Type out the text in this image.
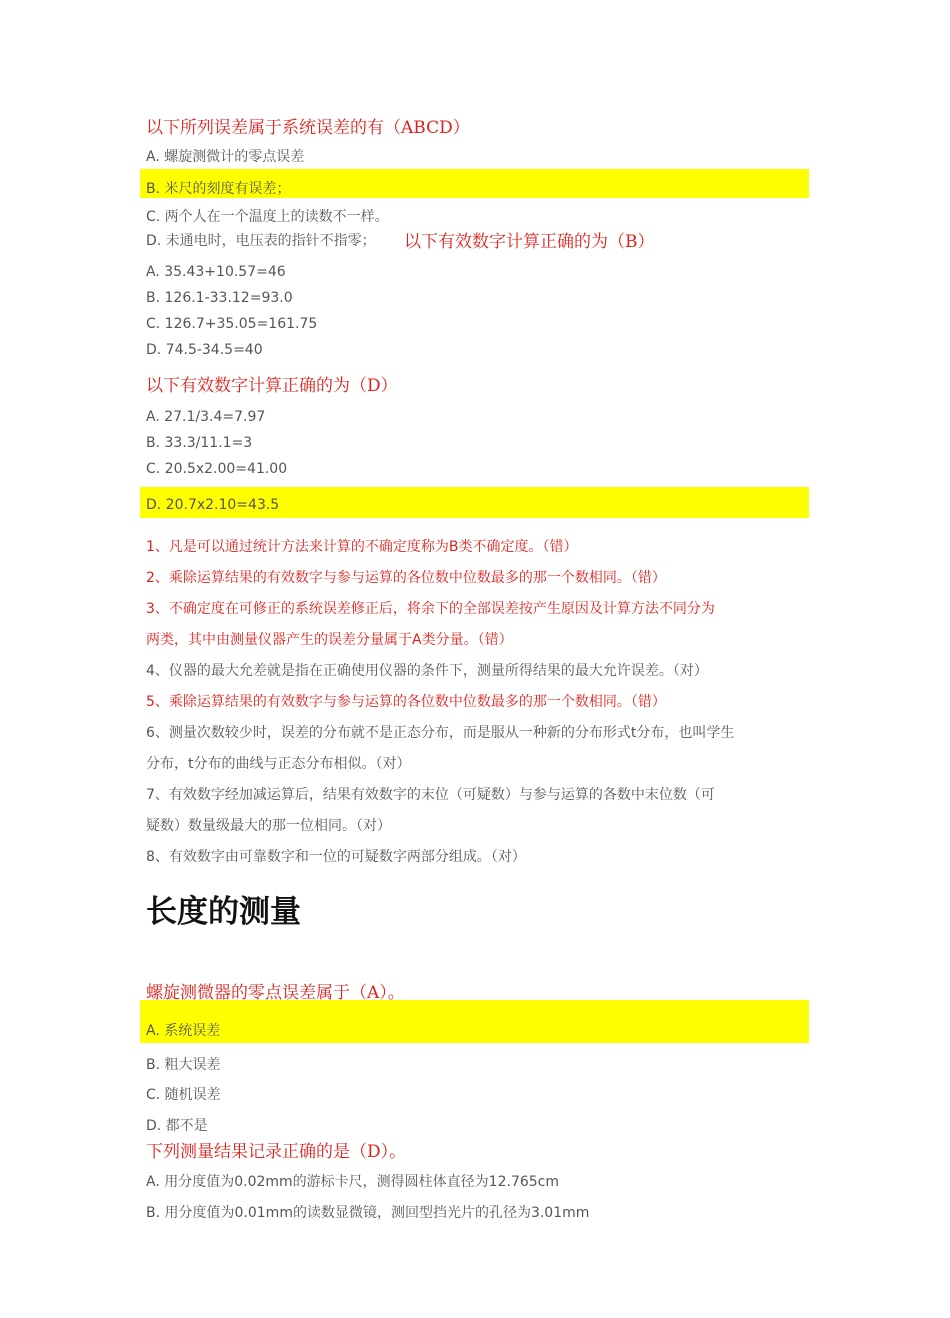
以下所列误差属于系统误差的有（ABCD）
A. 螺旋测微计的零点误差
B. 米尺的刻度有误差；
C. 两个人在一个温度上的读数不一样。
D. 未通电时，电压表的指针不指零； 以下有效数字计算正确的为（B）
A. 35.43+10.57=46
B. 126.1-33.12=93.0
C. 126.7+35.05=161.75
D. 74.5-34.5=40
以下有效数字计算正确的为（D）
A. 27.1/3.4=7.97
B. 33.3/11.1=3
C. 20.5x2.00=41.00
D. 20.7x2.10=43.5
1、凡是可以通过统计方法来计算的不确定度称为B类不确定度。（错）
2、乘除运算结果的有效数字与参与运算的各位数中位数最多的那一个数相同。（错）
3、不确定度在可修正的系统误差修正后，将余下的全部误差按产生原因及计算方法不同分为
两类，其中由测量仪器产生的误差分量属于A类分量。（错）
4、仪器的最大允差就是指在正确使用仪器的条件下，测量所得结果的最大允许误差。（对）
5、乘除运算结果的有效数字与参与运算的各位数中位数最多的那一个数相同。（错）
6、测量次数较少时，误差的分布就不是正态分布，而是服从一种新的分布形式t分布，也叫学生
分布，t分布的曲线与正态分布相似。（对）
7、有效数字经加减运算后，结果有效数字的末位（可疑数）与参与运算的各数中末位数（可
疑数）数量级最大的那一位相同。（对）
8、有效数字由可靠数字和一位的可疑数字两部分组成。（对）
长度的测量
螺旋测微器的零点误差属于（A）。
A. 系统误差
B. 粗大误差
C. 随机误差
D. 都不是
下列测量结果记录正确的是（D）。
A. 用分度值为0.02mm的游标卡尺，测得圆柱体直径为12.765cm
B. 用分度值为0.01mm的读数显微镜，测回型挡光片的孔径为3.01mm
